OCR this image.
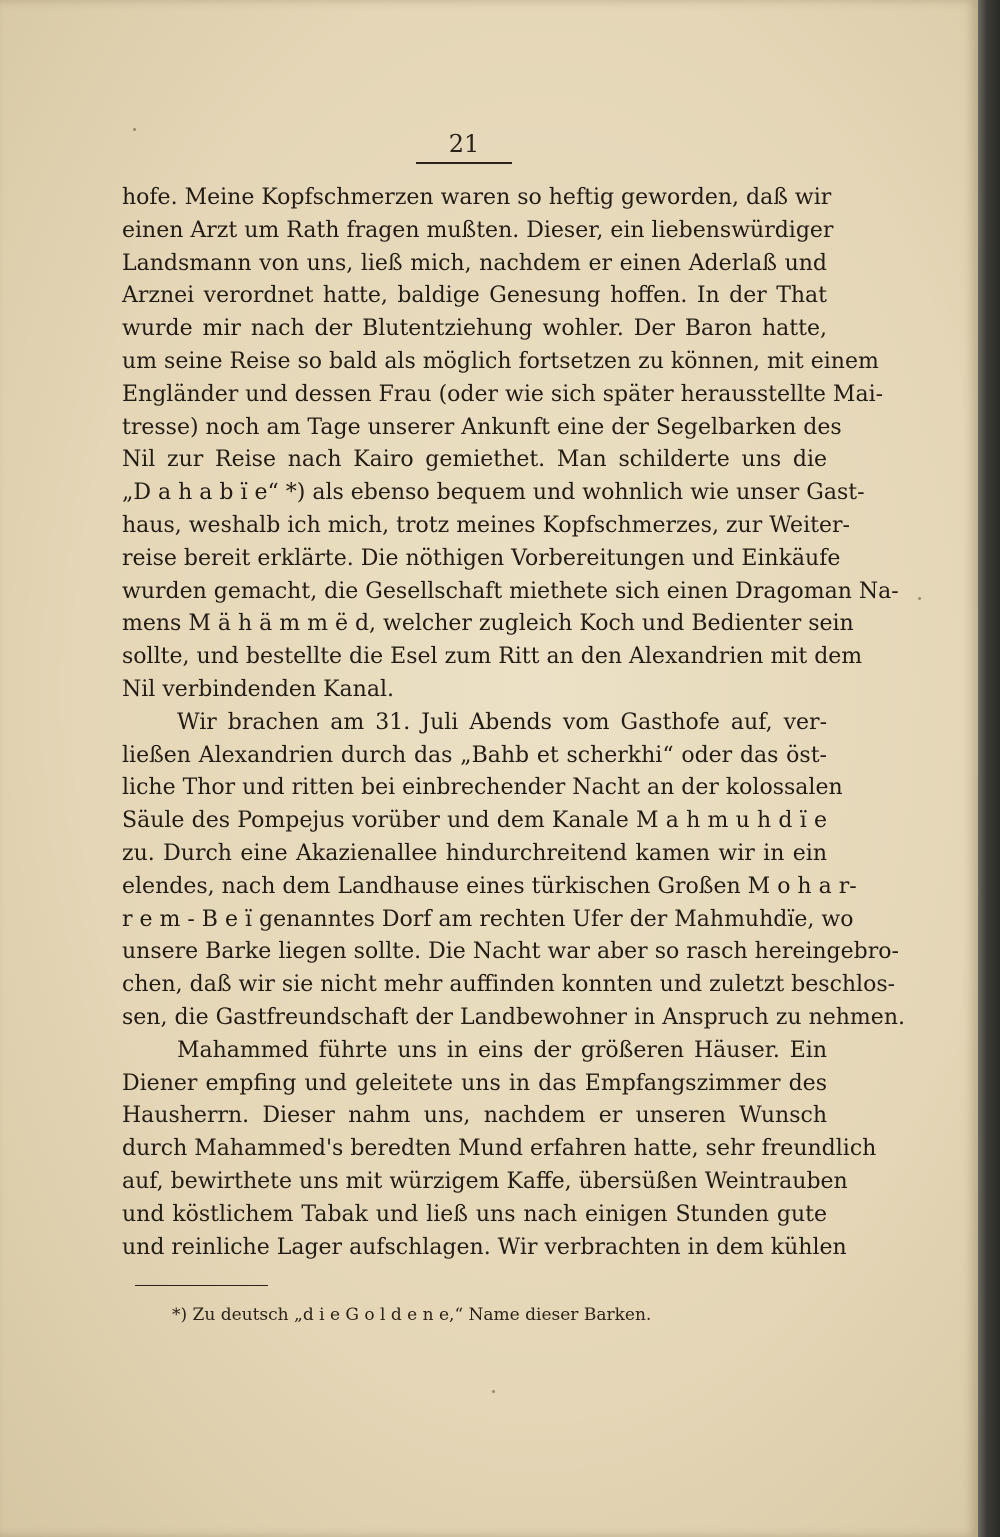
21
hofe. Meine Kopfschmerzen waren so heftig geworden, daß wir
einen Arzt um Rath fragen mußten. Dieser, ein liebenswürdiger
Landsmann von uns, ließ mich, nachdem er einen Aderlaß und
Arznei verordnet hatte, baldige Genesung hoffen. In der That
wurde mir nach der Blutentziehung wohler. Der Baron hatte,
um seine Reise so bald als möglich fortsetzen zu können, mit einem
Engländer und dessen Frau (oder wie sich später herausstellte Mai-
tresse) noch am Tage unserer Ankunft eine der Segelbarken des
Nil zur Reise nach Kairo gemiethet. Man schilderte uns die
„D a h a b ï e“ *) als ebenso bequem und wohnlich wie unser Gast-
haus, weshalb ich mich, trotz meines Kopfschmerzes, zur Weiter-
reise bereit erklärte. Die nöthigen Vorbereitungen und Einkäufe
wurden gemacht, die Gesellschaft miethete sich einen Dragoman Na-
mens M ä h ä m m ë d, welcher zugleich Koch und Bedienter sein
sollte, und bestellte die Esel zum Ritt an den Alexandrien mit dem
Nil verbindenden Kanal.
Wir brachen am 31. Juli Abends vom Gasthofe auf, ver-
ließen Alexandrien durch das „Bahb et scherkhi“ oder das öst-
liche Thor und ritten bei einbrechender Nacht an der kolossalen
Säule des Pompejus vorüber und dem Kanale M a h m u h d ï e
zu. Durch eine Akazienallee hindurchreitend kamen wir in ein
elendes, nach dem Landhause eines türkischen Großen M o h a r-
r e m - B e ï genanntes Dorf am rechten Ufer der Mahmuhdïe, wo
unsere Barke liegen sollte. Die Nacht war aber so rasch hereingebro-
chen, daß wir sie nicht mehr auffinden konnten und zuletzt beschlos-
sen, die Gastfreundschaft der Landbewohner in Anspruch zu nehmen.
Mahammed führte uns in eins der größeren Häuser. Ein
Diener empfing und geleitete uns in das Empfangszimmer des
Hausherrn. Dieser nahm uns, nachdem er unseren Wunsch
durch Mahammed's beredten Mund erfahren hatte, sehr freundlich
auf, bewirthete uns mit würzigem Kaffe, übersüßen Weintrauben
und köstlichem Tabak und ließ uns nach einigen Stunden gute
und reinliche Lager aufschlagen. Wir verbrachten in dem kühlen
*) Zu deutsch „d i e G o l d e n e,“ Name dieser Barken.
